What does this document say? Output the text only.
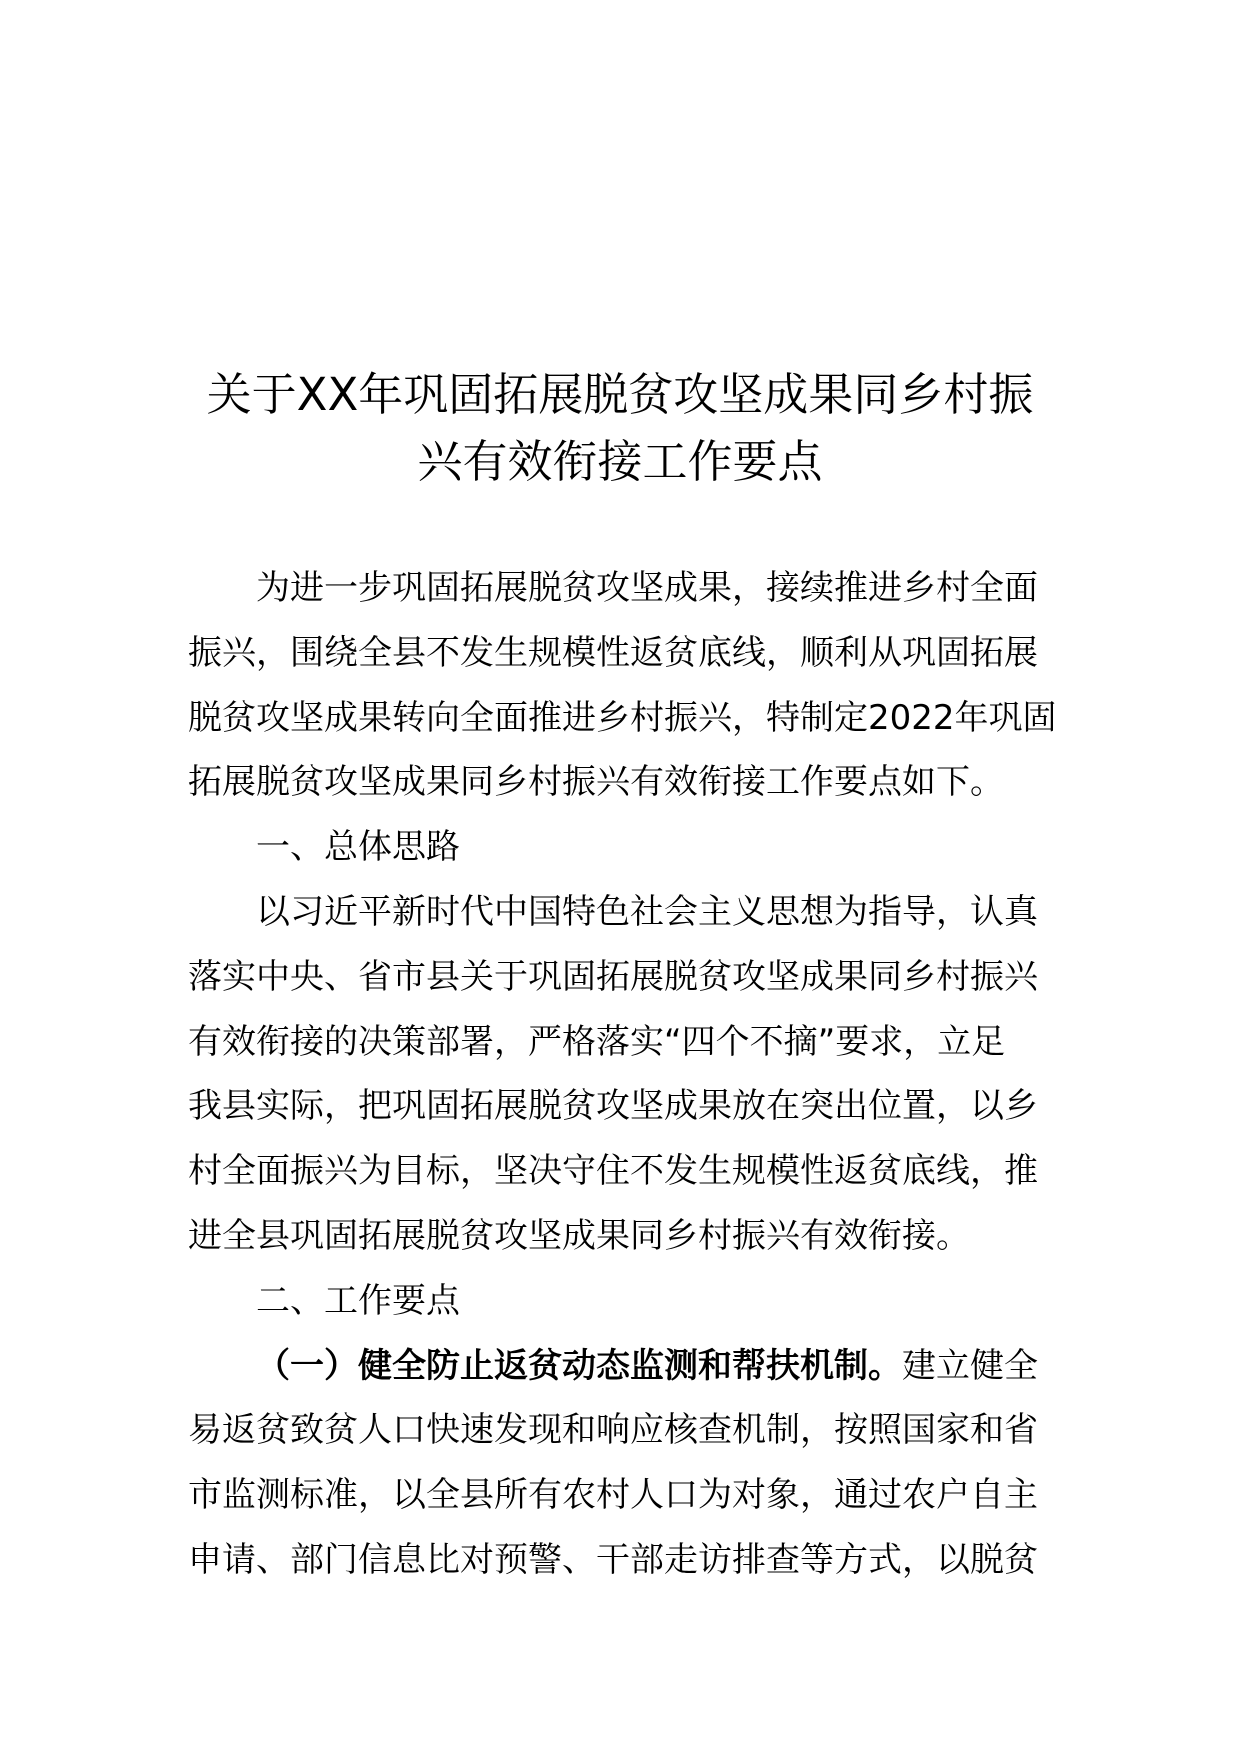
关于XX年巩固拓展脱贫攻坚成果同乡村振
兴有效衔接工作要点
为进一步巩固拓展脱贫攻坚成果，接续推进乡村全面
振兴，围绕全县不发生规模性返贫底线，顺利从巩固拓展
脱贫攻坚成果转向全面推进乡村振兴，特制定2022年巩固
拓展脱贫攻坚成果同乡村振兴有效衔接工作要点如下。
一、总体思路
以习近平新时代中国特色社会主义思想为指导，认真
落实中央、省市县关于巩固拓展脱贫攻坚成果同乡村振兴
有效衔接的决策部署，严格落实“四个不摘”要求，立足
我县实际，把巩固拓展脱贫攻坚成果放在突出位置，以乡
村全面振兴为目标，坚决守住不发生规模性返贫底线，推
进全县巩固拓展脱贫攻坚成果同乡村振兴有效衔接。
二、工作要点
（一）健全防止返贫动态监测和帮扶机制。建立健全
易返贫致贫人口快速发现和响应核查机制，按照国家和省
市监测标准，以全县所有农村人口为对象，通过农户自主
申请、部门信息比对预警、干部走访排查等方式，以脱贫
